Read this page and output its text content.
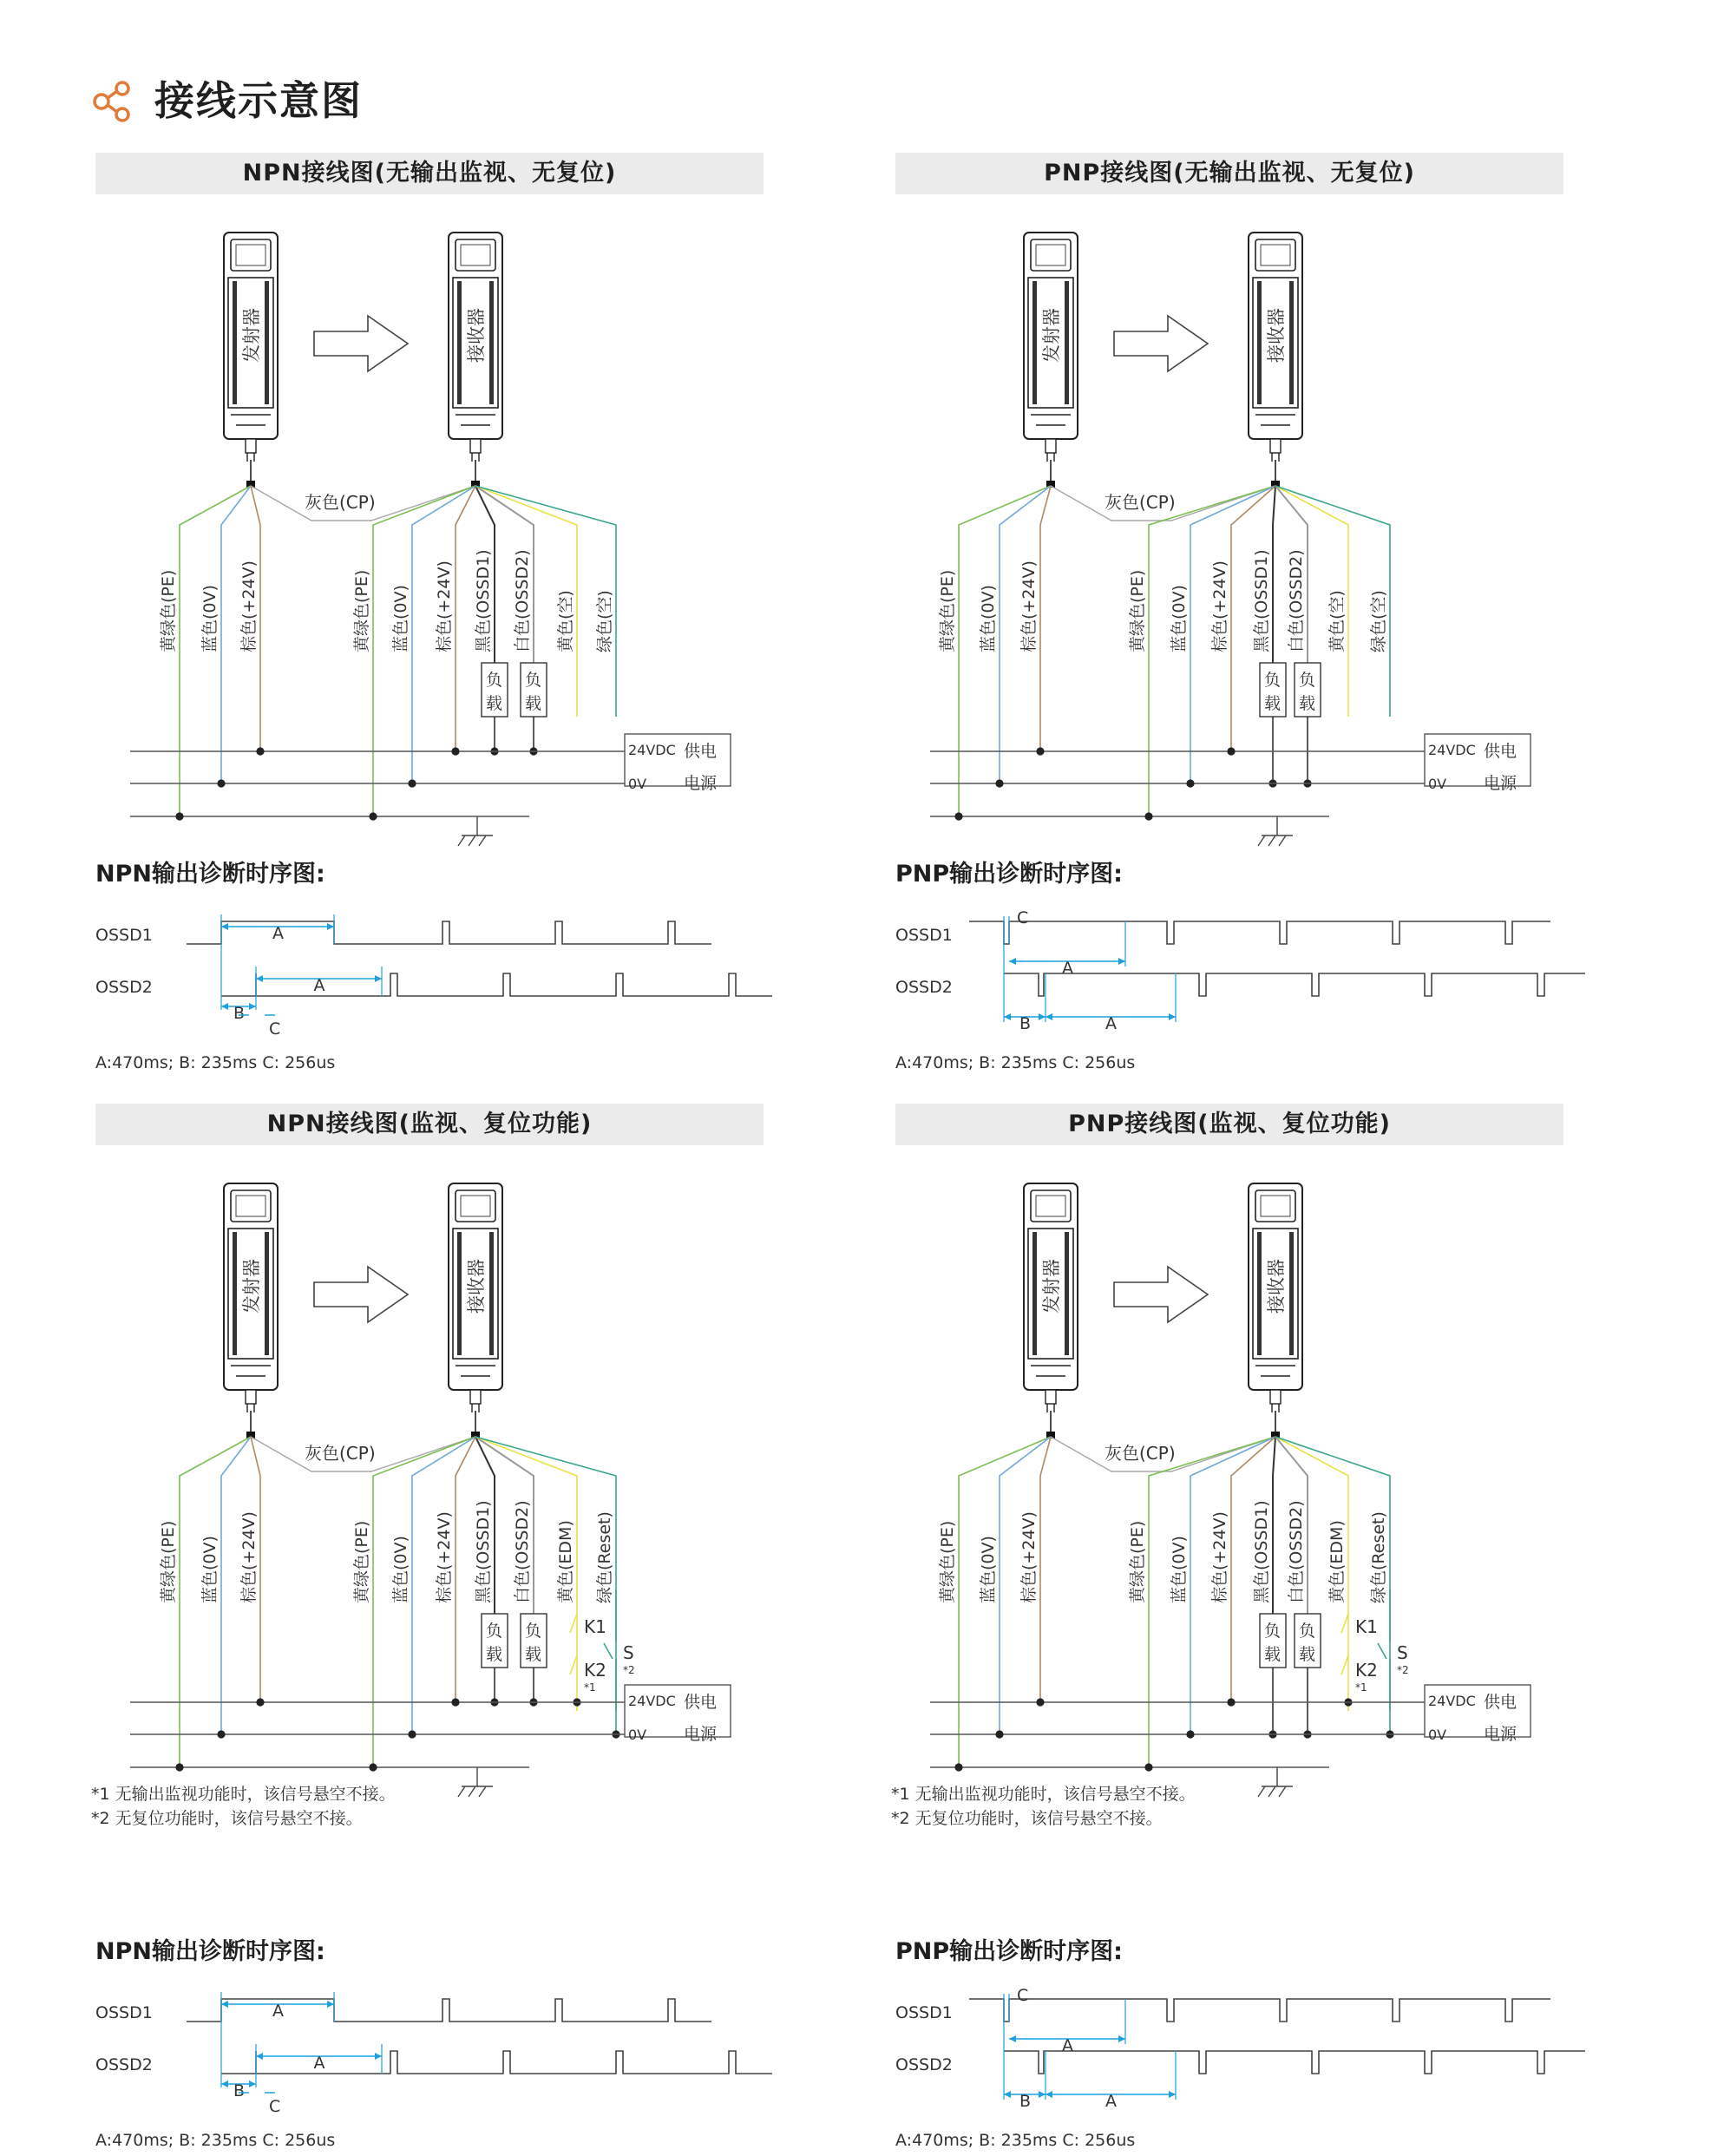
接线示意图
NPN接线图(无输出监视、无复位)
发射器	接收器
黄绿色(PE) 蓝色(0V) 棕色(+24V)
灰色(CP)
黄绿色(PE) 蓝色(0V) 棕色(+24V) 黑色(OSSD1) 白色(OSSD2) 黄色(空) 绿色(空)
负
载
负
载
24VDC
0V
供电
电源
NPN输出诊断时序图:
OSSD1
OSSD2
A
A
B
C
A:470ms; B: 235ms C: 256us
PNP接线图(无输出监视、无复位)
发射器	接收器
黄绿色(PE) 蓝色(0V) 棕色(+24V)
灰色(CP)
黄绿色(PE) 蓝色(0V) 棕色(+24V) 黑色(OSSD1) 白色(OSSD2) 黄色(空) 绿色(空)
负
载
负
载
24VDC
0V
供电
电源
PNP输出诊断时序图:
OSSD1
OSSD2
C
A
B	A
A:470ms; B: 235ms C: 256us
NPN接线图(监视、复位功能)
发射器	接收器
黄绿色(PE) 蓝色(0V) 棕色(+24V)
灰色(CP)
黄绿色(PE) 蓝色(0V) 棕色(+24V) 黑色(OSSD1) 白色(OSSD2) 黄色(EDM) 绿色(Reset)
负
载
负
载
K1
K2
*1
S
*2
24VDC
0V
供电
电源
NPN输出诊断时序图:
OSSD1
OSSD2
A
A
B
C
A:470ms; B: 235ms C: 256us
PNP接线图(监视、复位功能)
发射器	接收器
黄绿色(PE) 蓝色(0V) 棕色(+24V)
灰色(CP)
黄绿色(PE) 蓝色(0V) 棕色(+24V) 黑色(OSSD1) 白色(OSSD2) 黄色(EDM) 绿色(Reset)
负
载
负
载
K1
K2
*1
S
*2
24VDC
0V
供电
电源
PNP输出诊断时序图:
OSSD1
OSSD2
C
A
B	A
A:470ms; B: 235ms C: 256us
*1 无输出监视功能时，该信号悬空不接。
*2 无复位功能时，该信号悬空不接。
*1 无输出监视功能时，该信号悬空不接。
*2 无复位功能时，该信号悬空不接。
